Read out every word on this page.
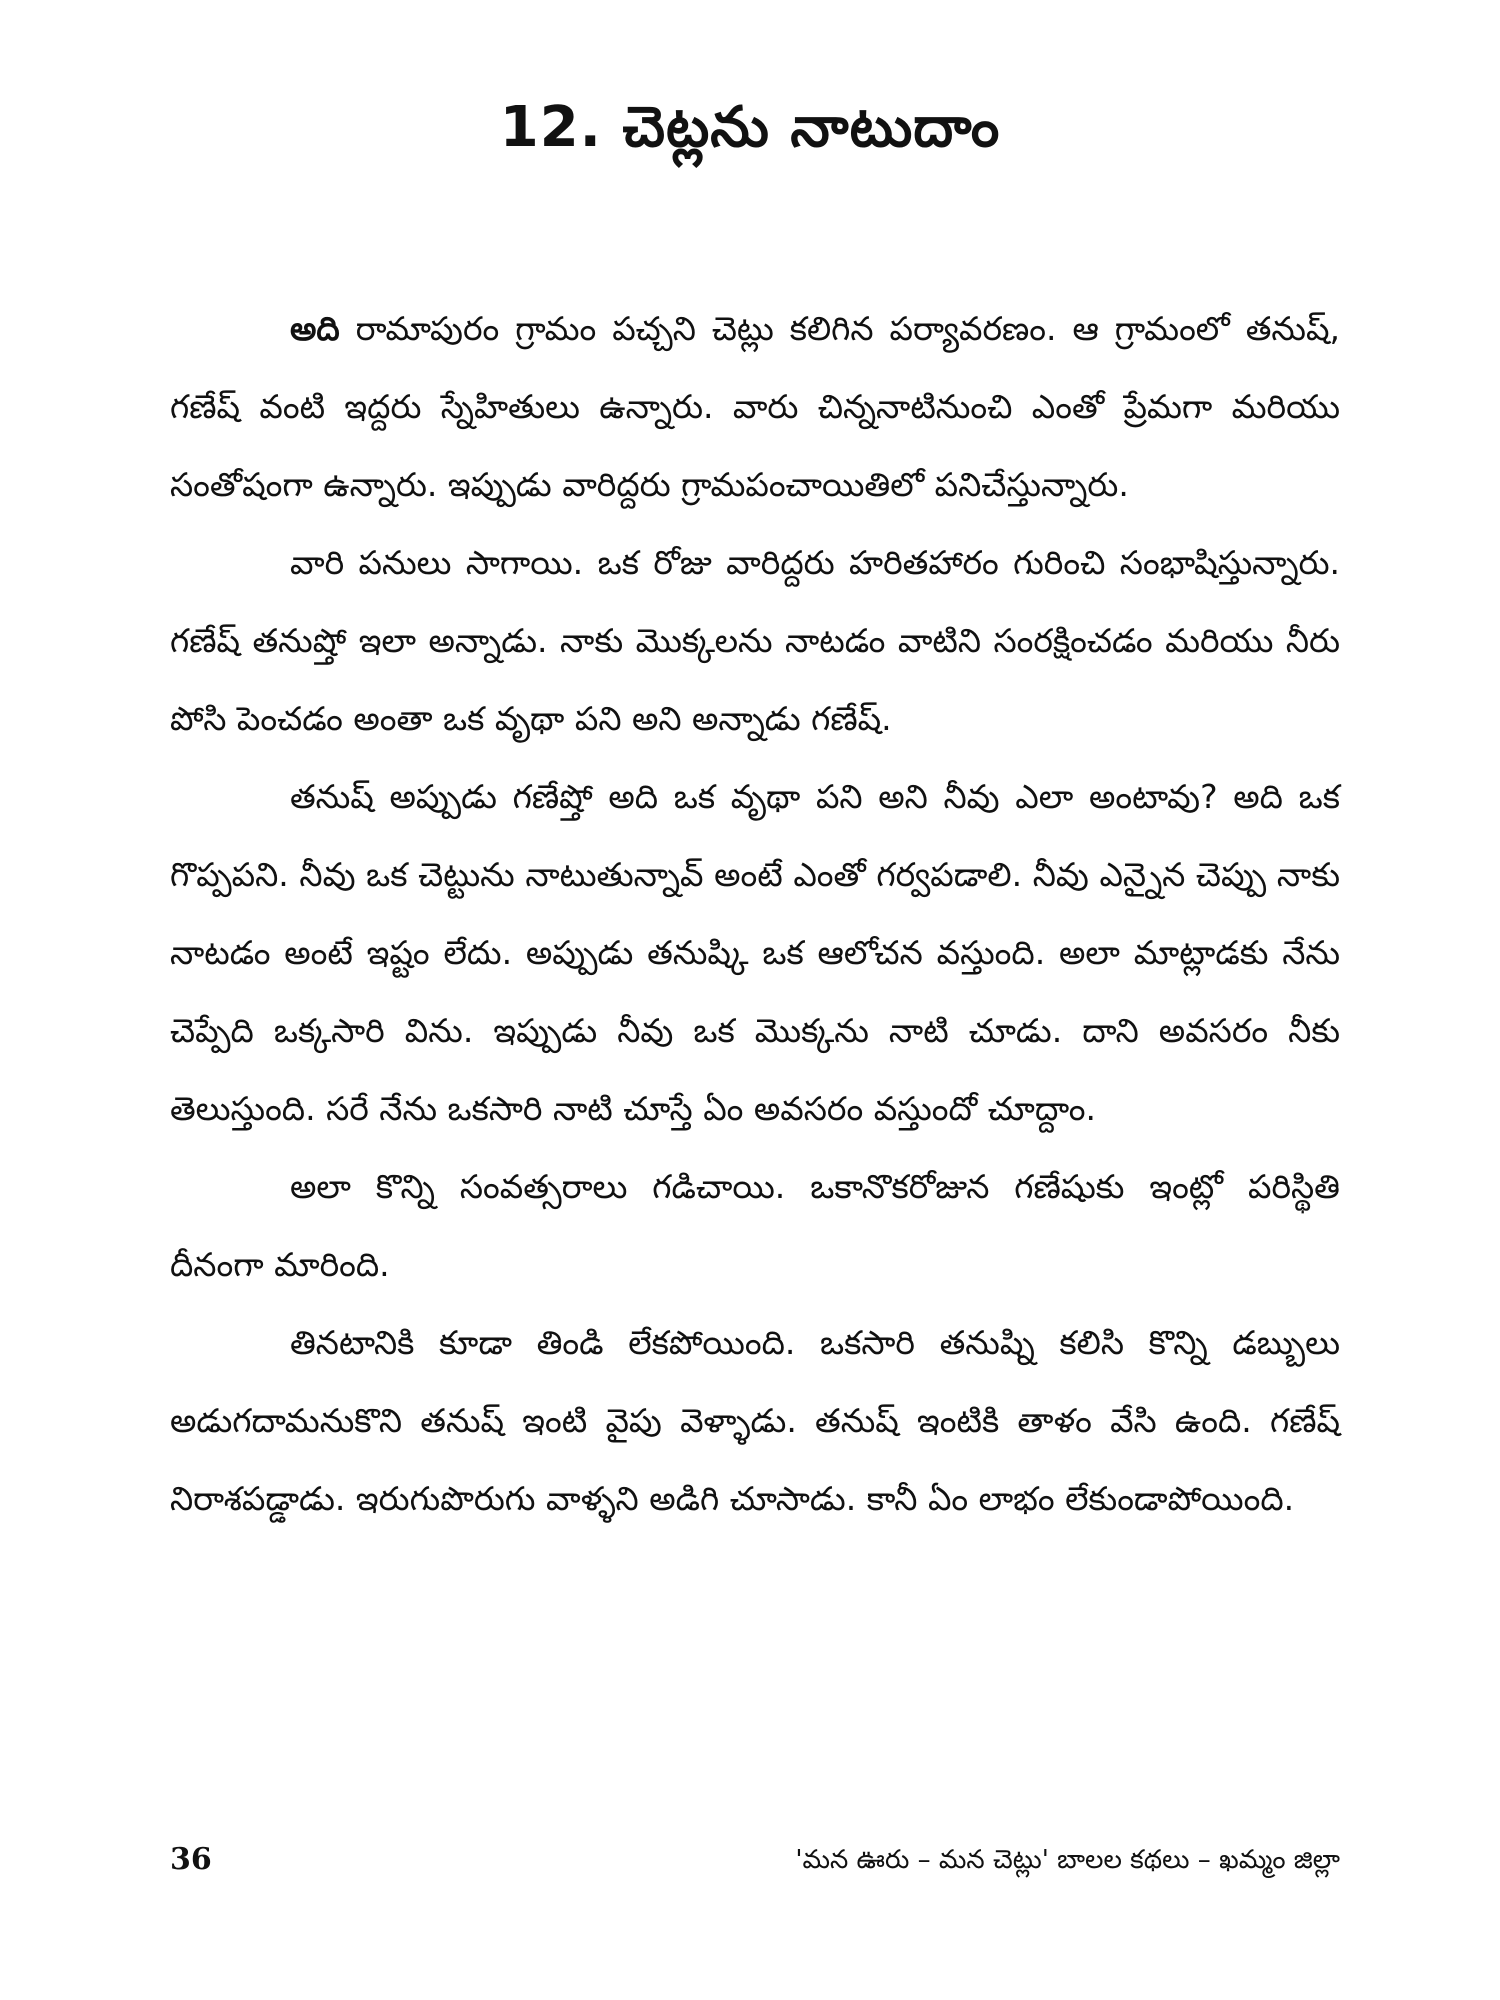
12. చెట్లను నాటుదాం

అది రామాపురం గ్రామం పచ్చని చెట్లు కలిగిన పర్యావరణం. ఆ గ్రామంలో తనుష్, గణేష్ వంటి ఇద్దరు స్నేహితులు ఉన్నారు. వారు చిన్ననాటినుంచి ఎంతో ప్రేమగా మరియు సంతోషంగా ఉన్నారు. ఇప్పుడు వారిద్దరు గ్రామపంచాయితిలో పనిచేస్తున్నారు.

వారి పనులు సాగాయి. ఒక రోజు వారిద్దరు హరితహారం గురించి సంభాషిస్తున్నారు. గణేష్ తనుష్తో ఇలా అన్నాడు. నాకు మొక్కలను నాటడం వాటిని సంరక్షించడం మరియు నీరు పోసి పెంచడం అంతా ఒక వృథా పని అని అన్నాడు గణేష్.

తనుష్ అప్పుడు గణేష్తో అది ఒక వృథా పని అని నీవు ఎలా అంటావు? అది ఒక గొప్పపని. నీవు ఒక చెట్టును నాటుతున్నావ్ అంటే ఎంతో గర్వపడాలి. నీవు ఎన్నైన చెప్పు నాకు నాటడం అంటే ఇష్టం లేదు. అప్పుడు తనుష్కి ఒక ఆలోచన వస్తుంది. అలా మాట్లాడకు నేను చెప్పేది ఒక్కసారి విను. ఇప్పుడు నీవు ఒక మొక్కను నాటి చూడు. దాని అవసరం నీకు తెలుస్తుంది. సరే నేను ఒకసారి నాటి చూస్తే ఏం అవసరం వస్తుందో చూద్దాం.

అలా కొన్ని సంవత్సరాలు గడిచాయి. ఒకానొకరోజున గణేషుకు ఇంట్లో పరిస్థితి దీనంగా మారింది.

తినటానికి కూడా తిండి లేకపోయింది. ఒకసారి తనుష్ని కలిసి కొన్ని డబ్బులు అడుగదామనుకొని తనుష్ ఇంటి వైపు వెళ్ళాడు. తనుష్ ఇంటికి తాళం వేసి ఉంది. గణేష్ నిరాశపడ్డాడు. ఇరుగుపొరుగు వాళ్ళని అడిగి చూసాడు. కానీ ఏం లాభం లేకుండాపోయింది.

36	'మన ఊరు – మన చెట్లు' బాలల కథలు – ఖమ్మం జిల్లా
